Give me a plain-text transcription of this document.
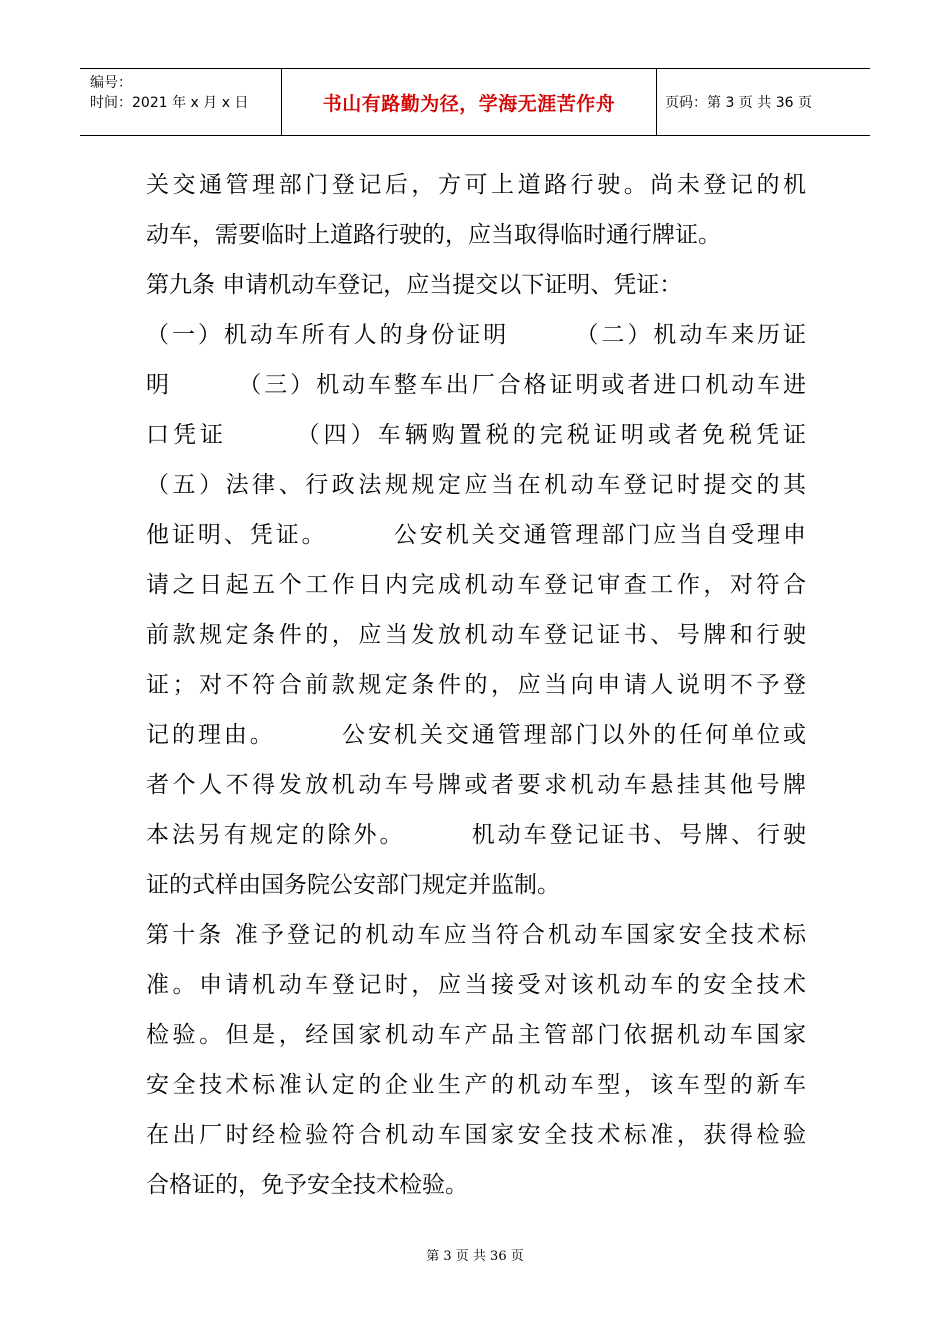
编号：
时间：2021 年 x 月 x 日	书山有路勤为径，学海无涯苦作舟	页码：第 3 页 共 36 页
关交通管理部门登记后，方可上道路行驶。尚未登记的机
动车，需要临时上道路行驶的，应当取得临时通行牌证。
第九条 申请机动车登记，应当提交以下证明、凭证：
（一）机动车所有人的身份证明　　　（二）机动车来历证
明　　　（三）机动车整车出厂合格证明或者进口机动车进
口凭证　　　（四）车辆购置税的完税证明或者免税凭证
（五）法律、行政法规规定应当在机动车登记时提交的其
他证明、凭证。　　　公安机关交通管理部门应当自受理申
请之日起五个工作日内完成机动车登记审查工作，对符合
前款规定条件的，应当发放机动车登记证书、号牌和行驶
证；对不符合前款规定条件的，应当向申请人说明不予登
记的理由。　　　公安机关交通管理部门以外的任何单位或
者个人不得发放机动车号牌或者要求机动车悬挂其他号牌
本法另有规定的除外。　　　机动车登记证书、号牌、行驶
证的式样由国务院公安部门规定并监制。
第十条 准予登记的机动车应当符合机动车国家安全技术标
准。申请机动车登记时，应当接受对该机动车的安全技术
检验。但是，经国家机动车产品主管部门依据机动车国家
安全技术标准认定的企业生产的机动车型，该车型的新车
在出厂时经检验符合机动车国家安全技术标准，获得检验
合格证的，免予安全技术检验。
第 3 页 共 36 页
